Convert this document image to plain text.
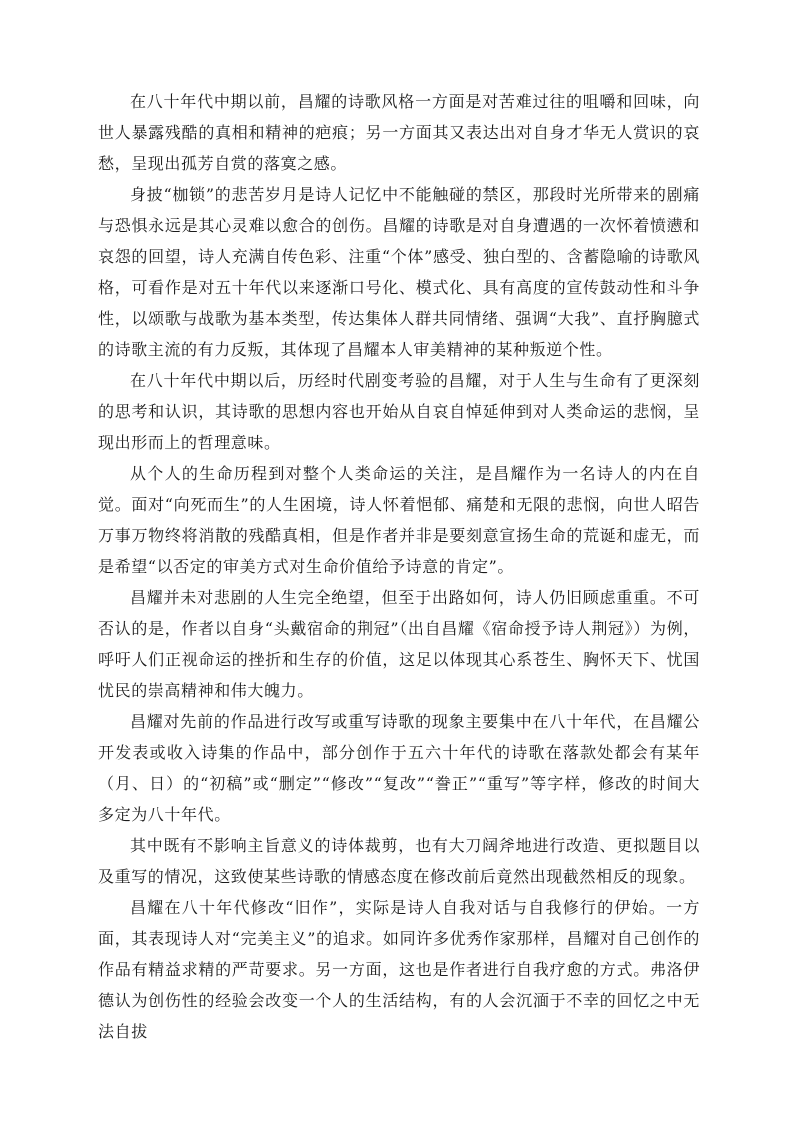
在八十年代中期以前，昌耀的诗歌风格一方面是对苦难过往的咀嚼和回味，向世人暴露残酷的真相和精神的疤痕；另一方面其又表达出对自身才华无人赏识的哀愁，呈现出孤芳自赏的落寞之感。

身披“枷锁”的悲苦岁月是诗人记忆中不能触碰的禁区，那段时光所带来的剧痛与恐惧永远是其心灵难以愈合的创伤。昌耀的诗歌是对自身遭遇的一次怀着愤懑和哀怨的回望，诗人充满自传色彩、注重“个体”感受、独白型的、含蓄隐喻的诗歌风格，可看作是对五十年代以来逐渐口号化、模式化、具有高度的宣传鼓动性和斗争性，以颂歌与战歌为基本类型，传达集体人群共同情绪、强调“大我”、直抒胸臆式的诗歌主流的有力反叛，其体现了昌耀本人审美精神的某种叛逆个性。

在八十年代中期以后，历经时代剧变考验的昌耀，对于人生与生命有了更深刻的思考和认识，其诗歌的思想内容也开始从自哀自悼延伸到对人类命运的悲悯，呈现出形而上的哲理意味。

从个人的生命历程到对整个人类命运的关注，是昌耀作为一名诗人的内在自觉。面对“向死而生”的人生困境，诗人怀着悒郁、痛楚和无限的悲悯，向世人昭告万事万物终将消散的残酷真相，但是作者并非是要刻意宣扬生命的荒诞和虚无，而是希望“以否定的审美方式对生命价值给予诗意的肯定”。

昌耀并未对悲剧的人生完全绝望，但至于出路如何，诗人仍旧顾虑重重。不可否认的是，作者以自身“头戴宿命的荆冠”（出自昌耀《宿命授予诗人荆冠》）为例，呼吁人们正视命运的挫折和生存的价值，这足以体现其心系苍生、胸怀天下、忧国忧民的崇高精神和伟大魄力。

昌耀对先前的作品进行改写或重写诗歌的现象主要集中在八十年代，在昌耀公开发表或收入诗集的作品中，部分创作于五六十年代的诗歌在落款处都会有某年（月、日）的“初稿”或“删定”“修改”“复改”“誊正”“重写”等字样，修改的时间大多定为八十年代。

其中既有不影响主旨意义的诗体裁剪，也有大刀阔斧地进行改造、更拟题目以及重写的情况，这致使某些诗歌的情感态度在修改前后竟然出现截然相反的现象。

昌耀在八十年代修改“旧作”，实际是诗人自我对话与自我修行的伊始。一方面，其表现诗人对“完美主义”的追求。如同许多优秀作家那样，昌耀对自己创作的作品有精益求精的严苛要求。另一方面，这也是作者进行自我疗愈的方式。弗洛伊德认为创伤性的经验会改变一个人的生活结构，有的人会沉湎于不幸的回忆之中无法自拔
